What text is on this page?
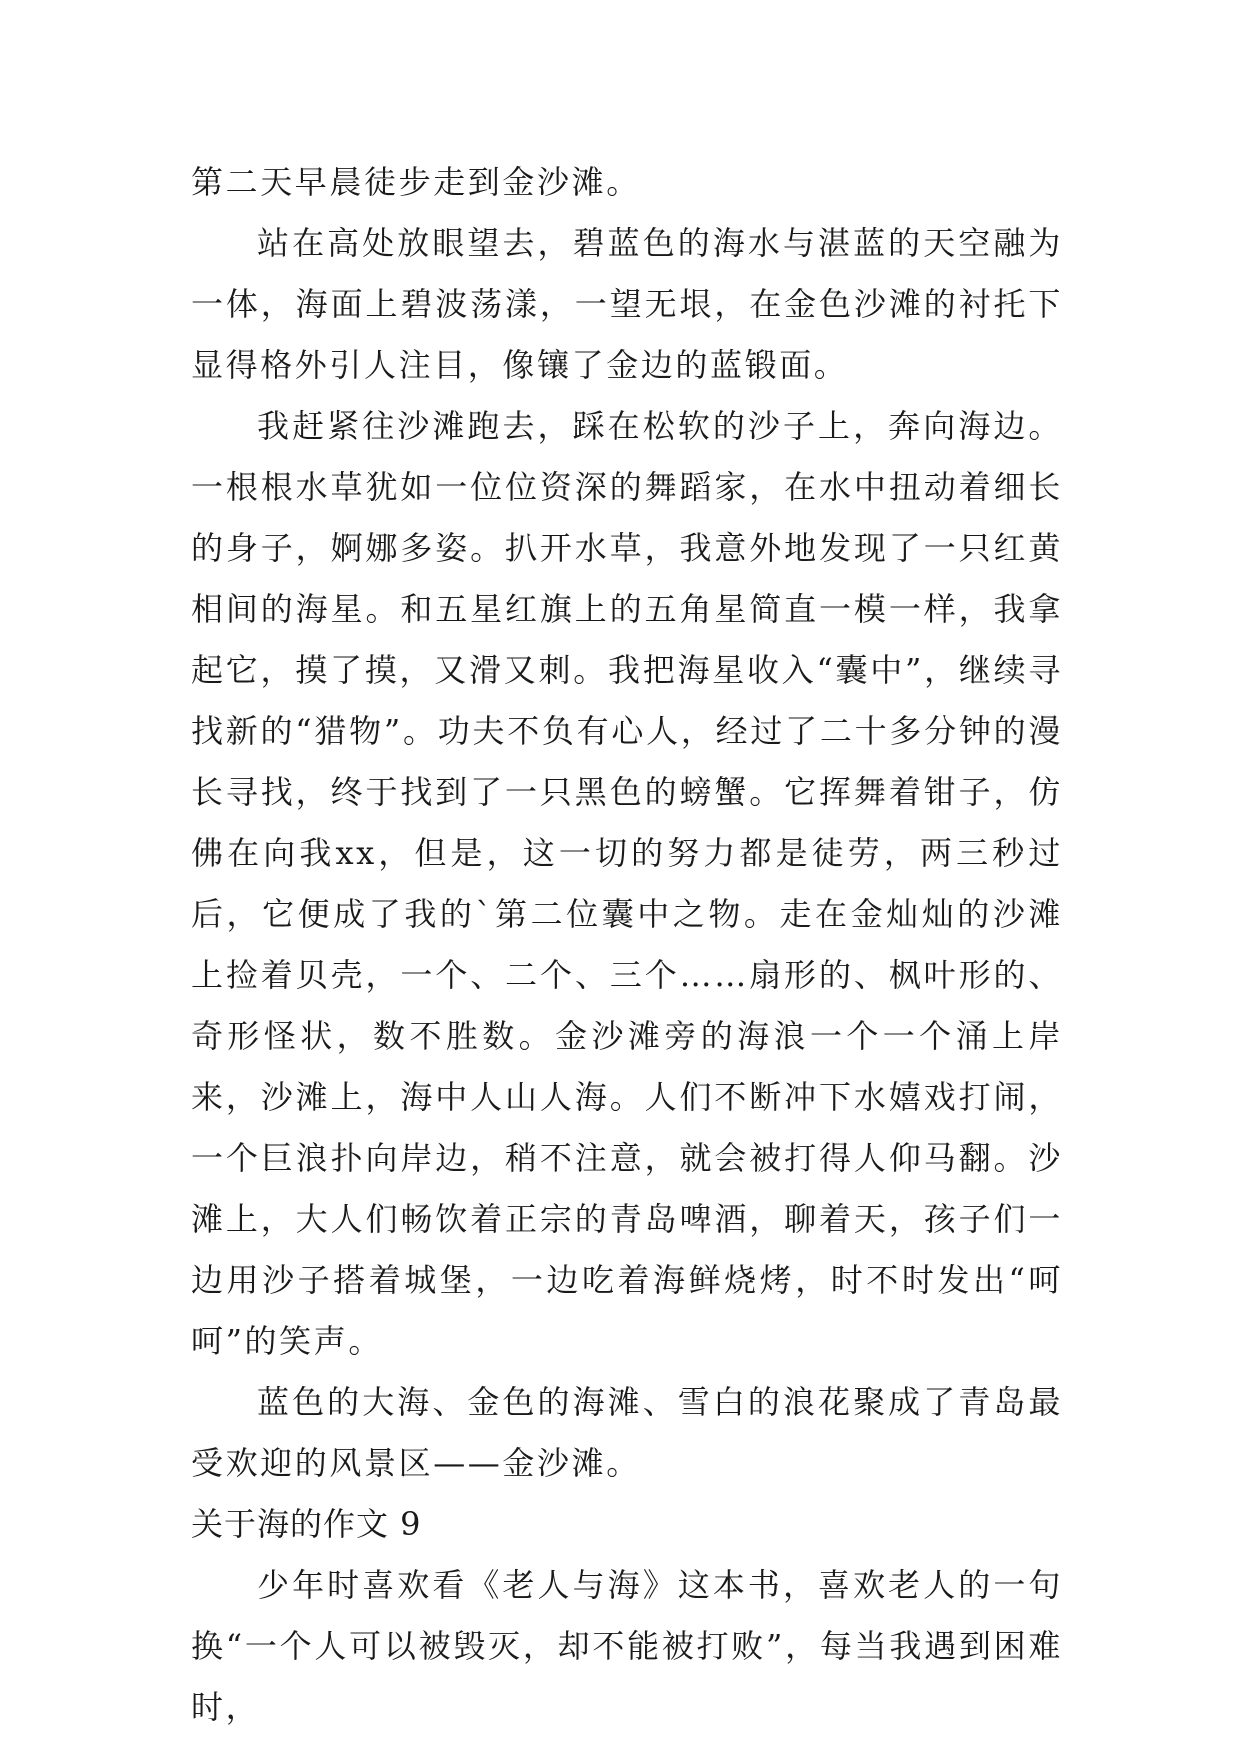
第二天早晨徒步走到金沙滩。

站在高处放眼望去，碧蓝色的海水与湛蓝的天空融为一体，海面上碧波荡漾，一望无垠，在金色沙滩的衬托下显得格外引人注目，像镶了金边的蓝锻面。

我赶紧往沙滩跑去，踩在松软的沙子上，奔向海边。一根根水草犹如一位位资深的舞蹈家，在水中扭动着细长的身子，婀娜多姿。扒开水草，我意外地发现了一只红黄相间的海星。和五星红旗上的五角星简直一模一样，我拿起它，摸了摸，又滑又刺。我把海星收入“囊中”，继续寻找新的“猎物”。功夫不负有心人，经过了二十多分钟的漫长寻找，终于找到了一只黑色的螃蟹。它挥舞着钳子，仿佛在向我xx，但是，这一切的努力都是徒劳，两三秒过后，它便成了我的`第二位囊中之物。走在金灿灿的沙滩上捡着贝壳，一个、二个、三个……扇形的、枫叶形的、奇形怪状，数不胜数。金沙滩旁的海浪一个一个涌上岸来，沙滩上，海中人山人海。人们不断冲下水嬉戏打闹，一个巨浪扑向岸边，稍不注意，就会被打得人仰马翻。沙滩上，大人们畅饮着正宗的青岛啤酒，聊着天，孩子们一边用沙子搭着城堡，一边吃着海鲜烧烤，时不时发出“呵呵”的笑声。

蓝色的大海、金色的海滩、雪白的浪花聚成了青岛最受欢迎的风景区——金沙滩。

关于海的作文 9

少年时喜欢看《老人与海》这本书，喜欢老人的一句换“一个人可以被毁灭，却不能被打败”，每当我遇到困难时，
